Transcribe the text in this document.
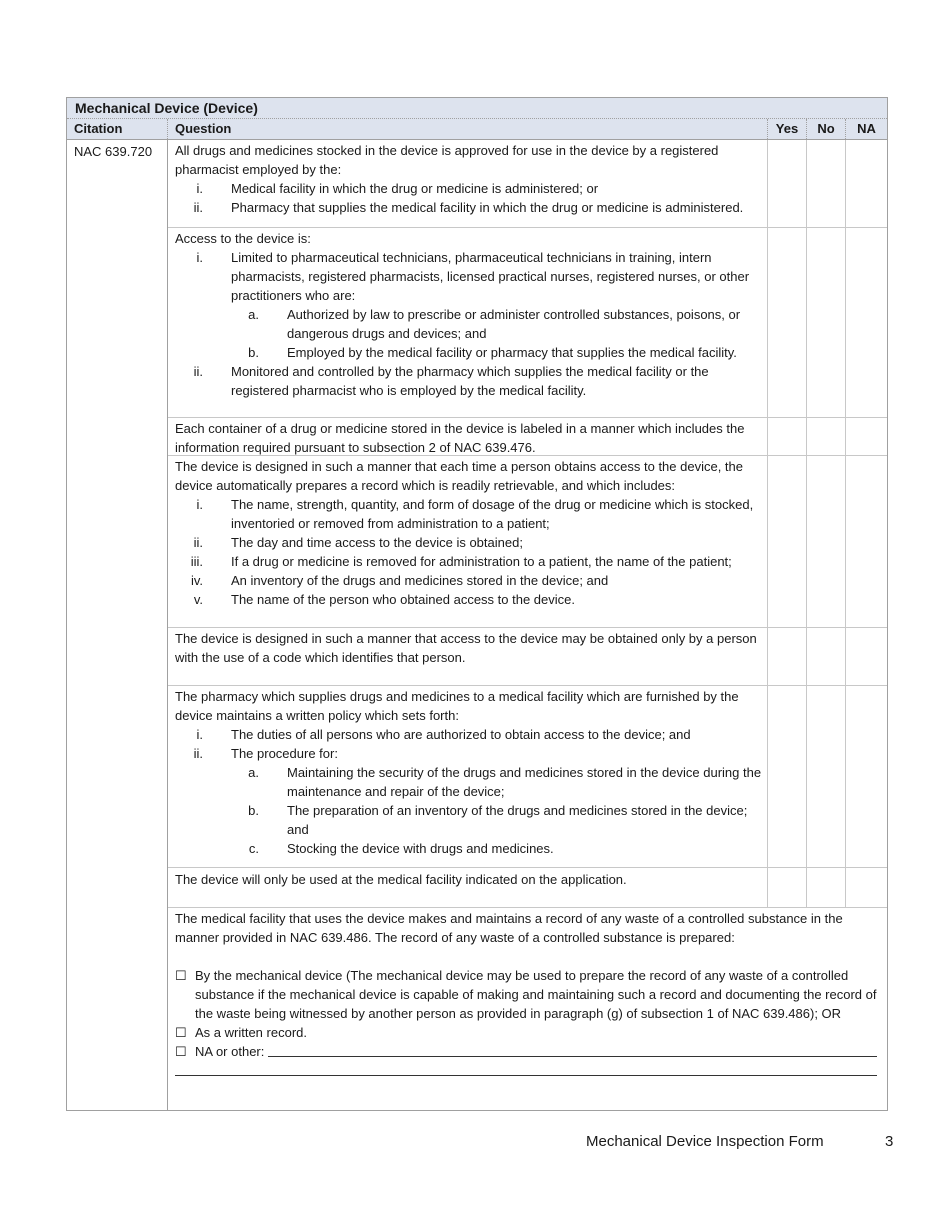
Mechanical Device (Device)
Citation	Question	Yes	No	NA
NAC 639.720	All drugs and medicines stocked in the device is approved for use in the device by a registered pharmacist employed by the:
i.	Medical facility in which the drug or medicine is administered; or
ii.	Pharmacy that supplies the medical facility in which the drug or medicine is administered.
Access to the device is:
i.	Limited to pharmaceutical technicians, pharmaceutical technicians in training, intern pharmacists, registered pharmacists, licensed practical nurses, registered nurses, or other practitioners who are:
a.	Authorized by law to prescribe or administer controlled substances, poisons, or dangerous drugs and devices; and
b.	Employed by the medical facility or pharmacy that supplies the medical facility.
ii.	Monitored and controlled by the pharmacy which supplies the medical facility or the registered pharmacist who is employed by the medical facility.
Each container of a drug or medicine stored in the device is labeled in a manner which includes the information required pursuant to subsection 2 of NAC 639.476.
The device is designed in such a manner that each time a person obtains access to the device, the device automatically prepares a record which is readily retrievable, and which includes:
i.	The name, strength, quantity, and form of dosage of the drug or medicine which is stocked, inventoried or removed from administration to a patient;
ii.	The day and time access to the device is obtained;
iii.	If a drug or medicine is removed for administration to a patient, the name of the patient;
iv.	An inventory of the drugs and medicines stored in the device; and
v.	The name of the person who obtained access to the device.
The device is designed in such a manner that access to the device may be obtained only by a person with the use of a code which identifies that person.
The pharmacy which supplies drugs and medicines to a medical facility which are furnished by the device maintains a written policy which sets forth:
i.	The duties of all persons who are authorized to obtain access to the device; and
ii.	The procedure for:
a.	Maintaining the security of the drugs and medicines stored in the device during the maintenance and repair of the device;
b.	The preparation of an inventory of the drugs and medicines stored in the device; and
c.	Stocking the device with drugs and medicines.
The device will only be used at the medical facility indicated on the application.
The medical facility that uses the device makes and maintains a record of any waste of a controlled substance in the manner provided in NAC 639.486. The record of any waste of a controlled substance is prepared:
☐ By the mechanical device (The mechanical device may be used to prepare the record of any waste of a controlled substance if the mechanical device is capable of making and maintaining such a record and documenting the record of the waste being witnessed by another person as provided in paragraph (g) of subsection 1 of NAC 639.486); OR
☐ As a written record.
☐ NA or other:
Mechanical Device Inspection Form	3
